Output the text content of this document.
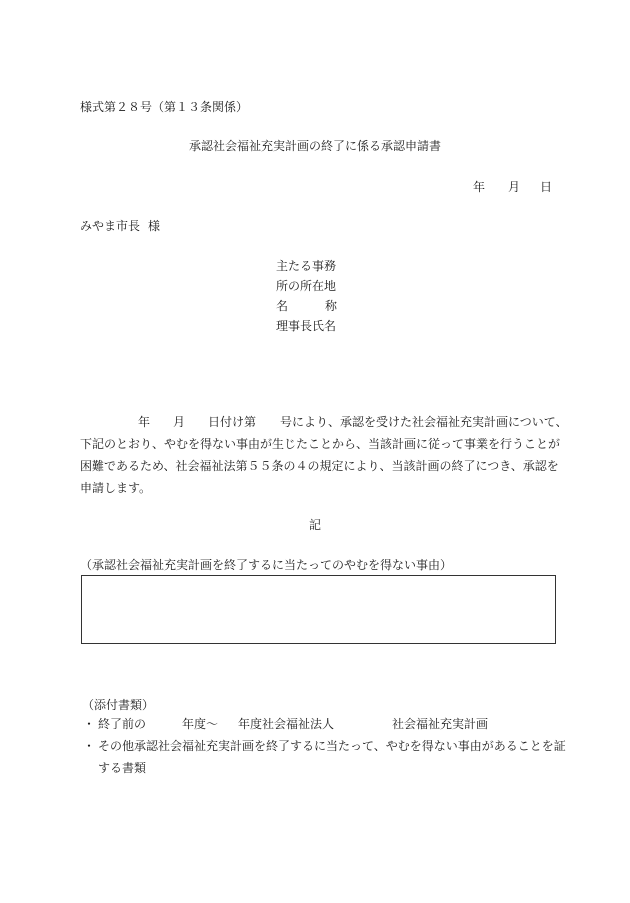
様式第２８号（第１３条関係）
承認社会福祉充実計画の終了に係る承認申請書
年 月 日
みやま市長 様
主たる事務
所の所在地
名	称
理事長氏名
年 月 日付け第 号により、承認を受けた社会福祉充実計画について、
下記のとおり、やむを得ない事由が生じたことから、当該計画に従って事業を行うことが
困難であるため、社会福祉法第５５条の４の規定により、当該計画の終了につき、承認を
申請します。
記
（承認社会福祉充実計画を終了するに当たってのやむを得ない事由）
（添付書類）
・ 終了前の	年度～ 年度社会福祉法人	社会福祉充実計画
・ その他承認社会福祉充実計画を終了するに当たって、やむを得ない事由があることを証
する書類
